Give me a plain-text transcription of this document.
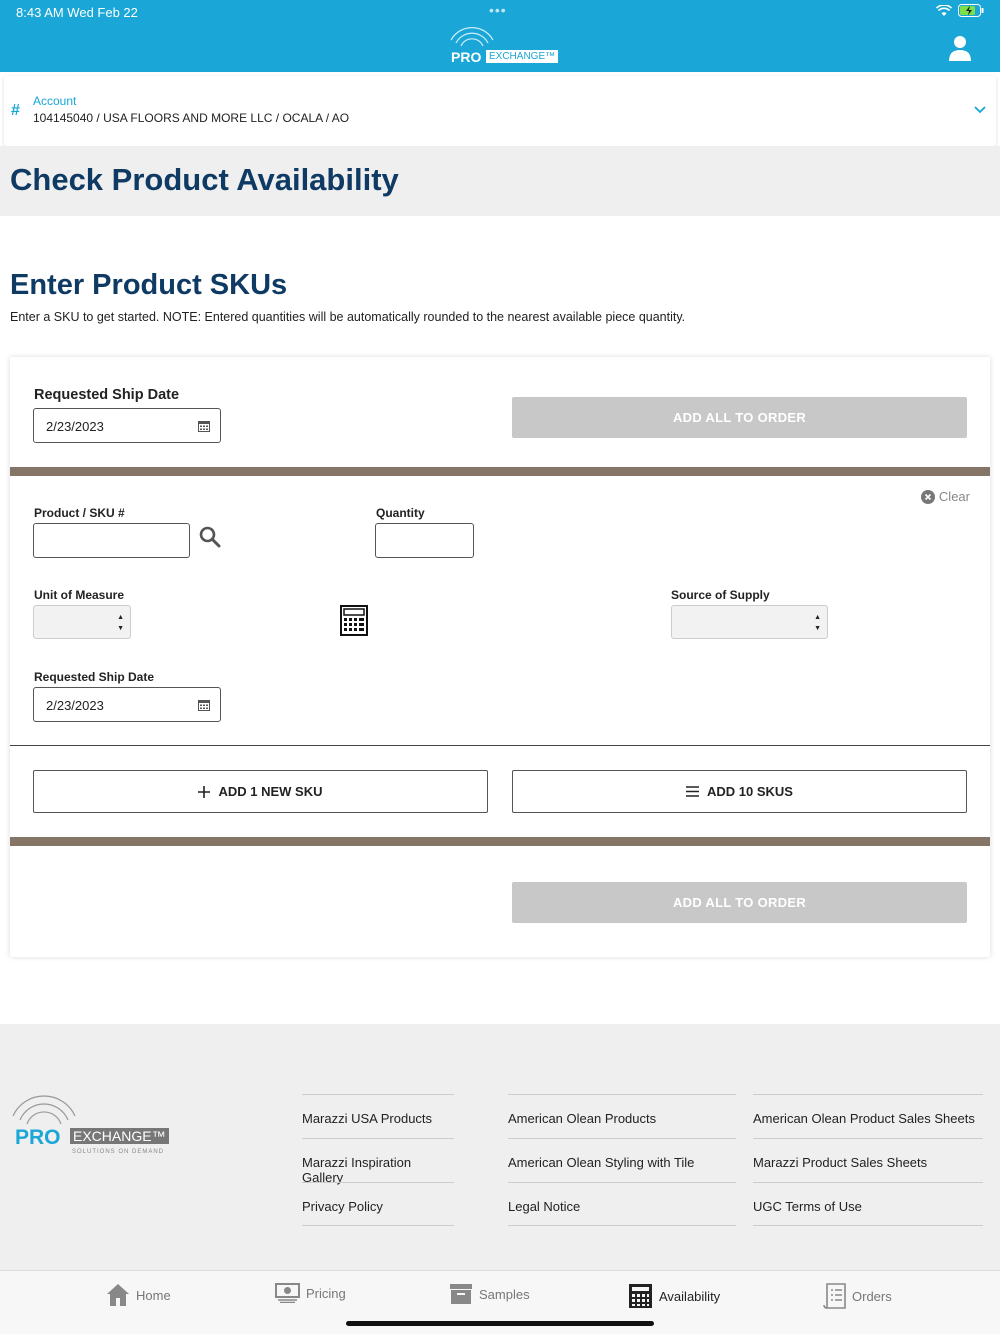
8:43 AM Wed Feb 22	•••
PRO EXCHANGE™
#
Account
104145040 / USA FLOORS AND MORE LLC / OCALA / AO
Check Product Availability
Enter Product SKUs

Enter a SKU to get started. NOTE: Entered quantities will be automatically rounded to the nearest available piece quantity.

Requested Ship Date
2/23/2023
ADD ALL TO ORDER
Clear
Product / SKU #	Quantity
Unit of Measure
▲
▼
Source of Supply
▲
▼
Requested Ship Date
2/23/2023
ADD 1 NEW SKU	ADD 10 SKUS
ADD ALL TO ORDER
PRO EXCHANGE™
SOLUTIONS ON DEMAND
Marazzi USA Products
Marazzi Inspiration Gallery
Privacy Policy
American Olean Products
American Olean Styling with Tile
Legal Notice
American Olean Product Sales Sheets
Marazzi Product Sales Sheets
UGC Terms of Use
Home	Pricing	Samples	Availability	Orders
